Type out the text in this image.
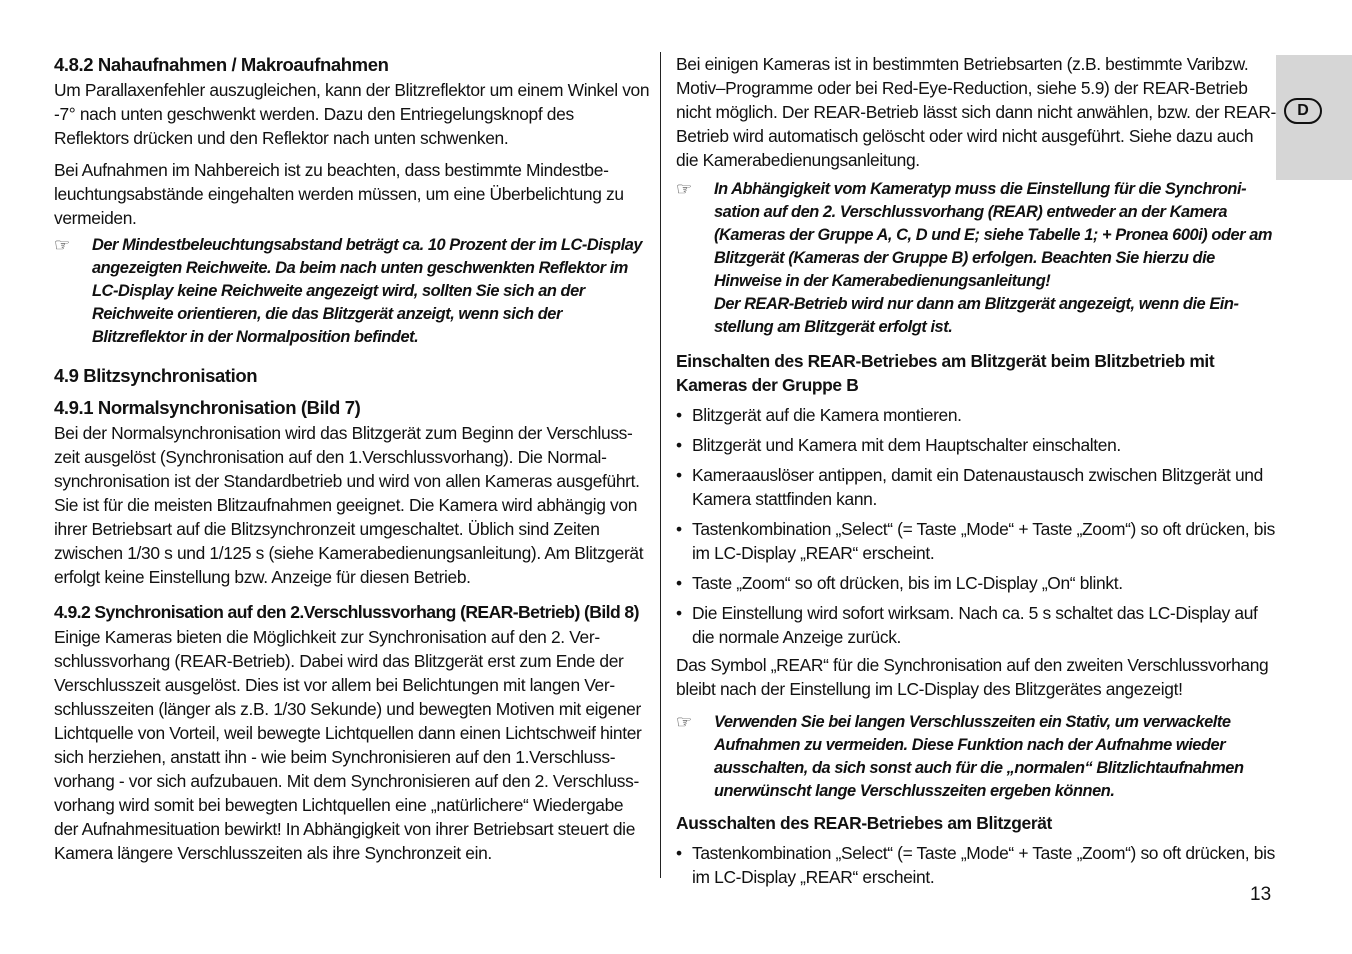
4.8.2 Nahaufnahmen / Makroaufnahmen

Um Parallaxenfehler auszugleichen, kann der Blitzreflektor um einem Winkel von -7° nach unten geschwenkt werden. Dazu den Entriegelungsknopf des Reflektors drücken und den Reflektor nach unten schwenken.

Bei Aufnahmen im Nahbereich ist zu beachten, dass bestimmte Mindestbeleuchtungsabstände eingehalten werden müssen, um eine Überbelichtung zu vermeiden.

☞	Der Mindestbeleuchtungsabstand beträgt ca. 10 Prozent der im LC-Display angezeigten Reichweite. Da beim nach unten geschwenkten Reflektor im LC-Display keine Reichweite angezeigt wird, sollten Sie sich an der Reichweite orientieren, die das Blitzgerät anzeigt, wenn sich der Blitzreflektor in der Normalposition befindet.
4.9 Blitzsynchronisation
4.9.1 Normalsynchronisation (Bild 7)

Bei der Normalsynchronisation wird das Blitzgerät zum Beginn der Verschlusszeit ausgelöst (Synchronisation auf den 1.Verschlussvorhang). Die Normalsynchronisation ist der Standardbetrieb und wird von allen Kameras ausgeführt. Sie ist für die meisten Blitzaufnahmen geeignet. Die Kamera wird abhängig von ihrer Betriebsart auf die Blitzsynchronzeit umgeschaltet. Üblich sind Zeiten zwischen 1/30 s und 1/125 s (siehe Kamerabedienungsanleitung). Am Blitzgerät erfolgt keine Einstellung bzw. Anzeige für diesen Betrieb.

4.9.2 Synchronisation auf den 2.Verschlussvorhang (REAR-Betrieb) (Bild 8)

Einige Kameras bieten die Möglichkeit zur Synchronisation auf den 2. Verschlussvorhang (REAR-Betrieb). Dabei wird das Blitzgerät erst zum Ende der Verschlusszeit ausgelöst. Dies ist vor allem bei Belichtungen mit langen Verschlusszeiten (länger als z.B. 1/30 Sekunde) und bewegten Motiven mit eigener Lichtquelle von Vorteil, weil bewegte Lichtquellen dann einen Lichtschweif hinter sich herziehen, anstatt ihn - wie beim Synchronisieren auf den 1.Verschlussvorhang - vor sich aufzubauen. Mit dem Synchronisieren auf den 2. Verschlussvorhang wird somit bei bewegten Lichtquellen eine „natürlichere“ Wiedergabe der Aufnahmesituation bewirkt! In Abhängigkeit von ihrer Betriebsart steuert die Kamera längere Verschlusszeiten als ihre Synchronzeit ein.

Bei einigen Kameras ist in bestimmten Betriebsarten (z.B. bestimmte Varibzw. Motiv–Programme oder bei Red-Eye-Reduction, siehe 5.9) der REAR-Betrieb nicht möglich. Der REAR-Betrieb lässt sich dann nicht anwählen, bzw. der REAR-Betrieb wird automatisch gelöscht oder wird nicht ausgeführt. Siehe dazu auch die Kamerabedienungsanleitung.

☞	In Abhängigkeit vom Kameratyp muss die Einstellung für die Synchronisation auf den 2. Verschlussvorhang (REAR) entweder an der Kamera (Kameras der Gruppe A, C, D und E; siehe Tabelle 1; + Pronea 600i) oder am Blitzgerät (Kameras der Gruppe B) erfolgen. Beachten Sie hierzu die Hinweise in der Kamerabedienungsanleitung!
Der REAR-Betrieb wird nur dann am Blitzgerät angezeigt, wenn die Einstellung am Blitzgerät erfolgt ist.
Einschalten des REAR-Betriebes am Blitzgerät beim Blitzbetrieb mit Kameras der Gruppe B
• Blitzgerät auf die Kamera montieren.
• Blitzgerät und Kamera mit dem Hauptschalter einschalten.
• Kameraauslöser antippen, damit ein Datenaustausch zwischen Blitzgerät und Kamera stattfinden kann.
• Tastenkombination „Select“ (= Taste „Mode“ + Taste „Zoom“) so oft drücken, bis im LC-Display „REAR“ erscheint.
• Taste „Zoom“ so oft drücken, bis im LC-Display „On“ blinkt.
• Die Einstellung wird sofort wirksam. Nach ca. 5 s schaltet das LC-Display auf die normale Anzeige zurück.

Das Symbol „REAR“ für die Synchronisation auf den zweiten Verschlussvorhang bleibt nach der Einstellung im LC-Display des Blitzgerätes angezeigt!

☞	Verwenden Sie bei langen Verschlusszeiten ein Stativ, um verwackelte Aufnahmen zu vermeiden. Diese Funktion nach der Aufnahme wieder ausschalten, da sich sonst auch für die „normalen“ Blitzlichtaufnahmen unerwünscht lange Verschlusszeiten ergeben können.
Ausschalten des REAR-Betriebes am Blitzgerät
• Tastenkombination „Select“ (= Taste „Mode“ + Taste „Zoom“) so oft drücken, bis im LC-Display „REAR“ erscheint.
D
13
